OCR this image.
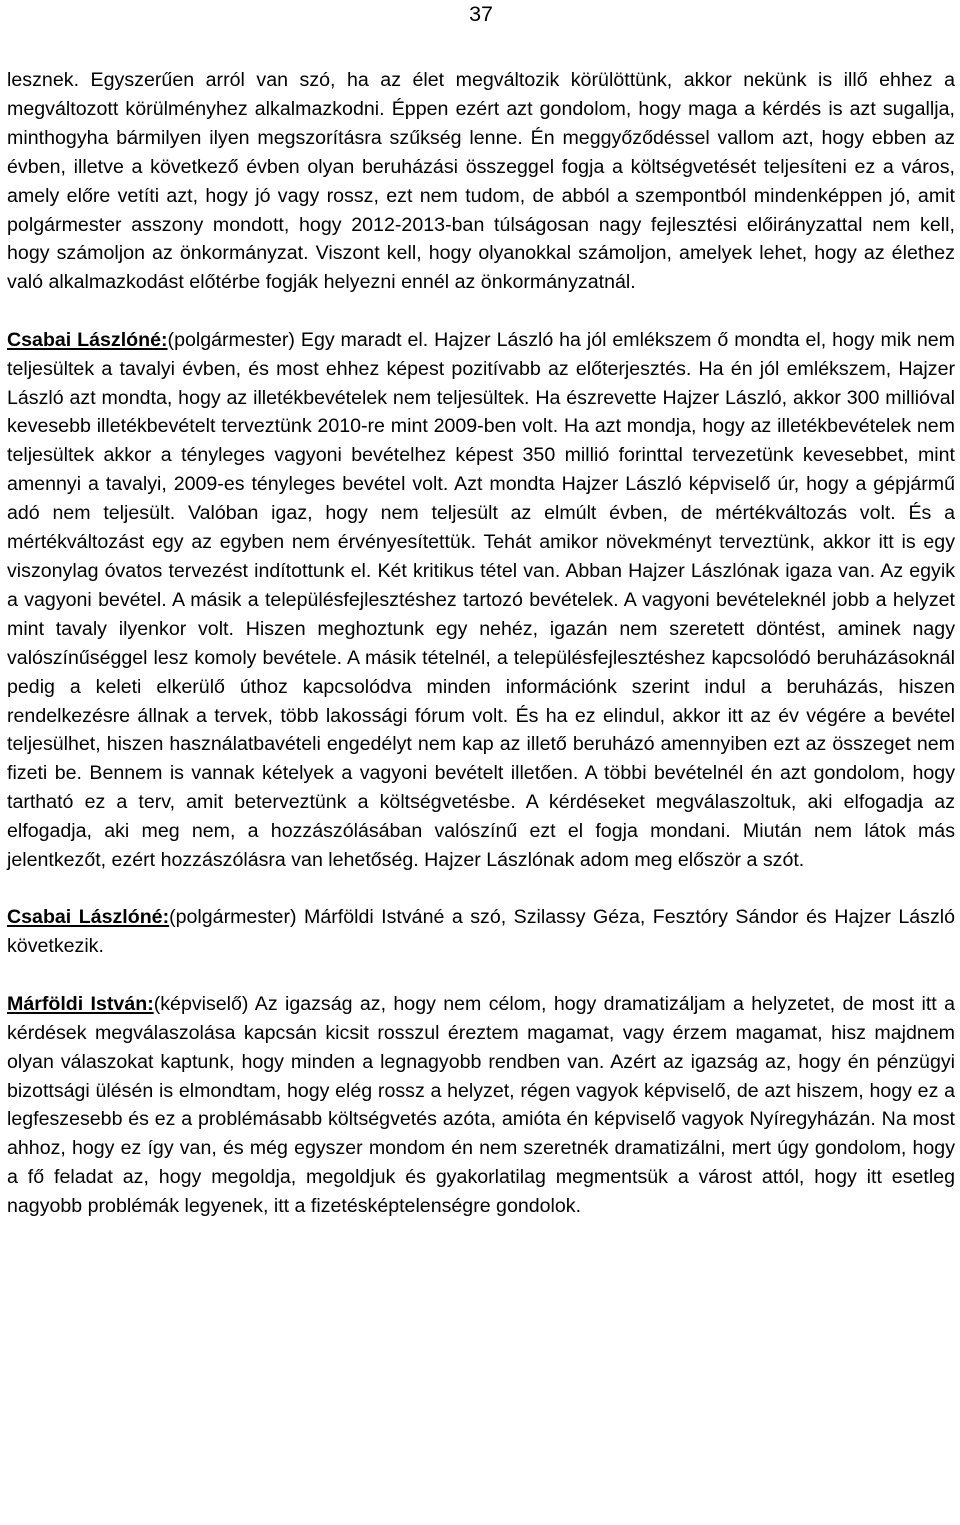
37

lesznek. Egyszerűen arról van szó, ha az élet megváltozik körülöttünk, akkor nekünk is illő ehhez a megváltozott körülményhez alkalmazkodni. Éppen ezért azt gondolom, hogy maga a kérdés is azt sugallja, minthogyha bármilyen ilyen megszorításra szűkség lenne. Én meggyőződéssel vallom azt, hogy ebben az évben, illetve a következő évben olyan beruházási összeggel fogja a költségvetését teljesíteni ez a város, amely előre vetíti azt, hogy jó vagy rossz, ezt nem tudom, de abból a szempontból mindenképpen jó, amit polgármester asszony mondott, hogy 2012-2013-ban túlságosan nagy fejlesztési előirányzattal nem kell, hogy számoljon az önkormányzat. Viszont kell, hogy olyanokkal számoljon, amelyek lehet, hogy az élethez való alkalmazkodást előtérbe fogják helyezni ennél az önkormányzatnál.

Csabai Lászlóné:(polgármester) Egy maradt el. Hajzer László ha jól emlékszem ő mondta el, hogy mik nem teljesültek a tavalyi évben, és most ehhez képest pozitívabb az előterjesztés. Ha én jól emlékszem, Hajzer László azt mondta, hogy az illetékbevételek nem teljesültek. Ha észrevette Hajzer László, akkor 300 millióval kevesebb illetékbevételt terveztünk 2010-re mint 2009-ben volt. Ha azt mondja, hogy az illetékbevételek nem teljesültek akkor a tényleges vagyoni bevételhez képest 350 millió forinttal tervezetünk kevesebbet, mint amennyi a tavalyi, 2009-es tényleges bevétel volt. Azt mondta Hajzer László képviselő úr, hogy a gépjármű adó nem teljesült. Valóban igaz, hogy nem teljesült az elmúlt évben, de mértékváltozás volt. És a mértékváltozást egy az egyben nem érvényesítettük. Tehát amikor növekményt terveztünk, akkor itt is egy viszonylag óvatos tervezést indítottunk el. Két kritikus tétel van. Abban Hajzer Lászlónak igaza van. Az egyik a vagyoni bevétel. A másik a településfejlesztéshez tartozó bevételek. A vagyoni bevételeknél jobb a helyzet mint tavaly ilyenkor volt. Hiszen meghoztunk egy nehéz, igazán nem szeretett döntést, aminek nagy valószínűséggel lesz komoly bevétele. A másik tételnél, a településfejlesztéshez kapcsolódó beruházásoknál pedig a keleti elkerülő úthoz kapcsolódva minden információnk szerint indul a beruházás, hiszen rendelkezésre állnak a tervek, több lakossági fórum volt. És ha ez elindul, akkor itt az év végére a bevétel teljesülhet, hiszen használatbavételi engedélyt nem kap az illető beruházó amennyiben ezt az összeget nem fizeti be. Bennem is vannak kételyek a vagyoni bevételt illetően. A többi bevételnél én azt gondolom, hogy tartható ez a terv, amit beterveztünk a költségvetésbe. A kérdéseket megválaszoltuk, aki elfogadja az elfogadja, aki meg nem, a hozzászólásában valószínű ezt el fogja mondani. Miután nem látok más jelentkezőt, ezért hozzászólásra van lehetőség. Hajzer Lászlónak adom meg először a szót.

Csabai Lászlóné:(polgármester) Márföldi Istváné a szó, Szilassy Géza, Fesztóry Sándor és Hajzer László következik.

Márföldi István:(képviselő) Az igazság az, hogy nem célom, hogy dramatizáljam a helyzetet, de most itt a kérdések megválaszolása kapcsán kicsit rosszul éreztem magamat, vagy érzem magamat, hisz majdnem olyan válaszokat kaptunk, hogy minden a legnagyobb rendben van. Azért az igazság az, hogy én pénzügyi bizottsági ülésén is elmondtam, hogy elég rossz a helyzet, régen vagyok képviselő, de azt hiszem, hogy ez a legfeszesebb és ez a problémásabb költségvetés azóta, amióta én képviselő vagyok Nyíregyházán. Na most ahhoz, hogy ez így van, és még egyszer mondom én nem szeretnék dramatizálni, mert úgy gondolom, hogy a fő feladat az, hogy megoldja, megoldjuk és gyakorlatilag megmentsük a várost attól, hogy itt esetleg nagyobb problémák legyenek, itt a fizetésképtelenségre gondolok.
